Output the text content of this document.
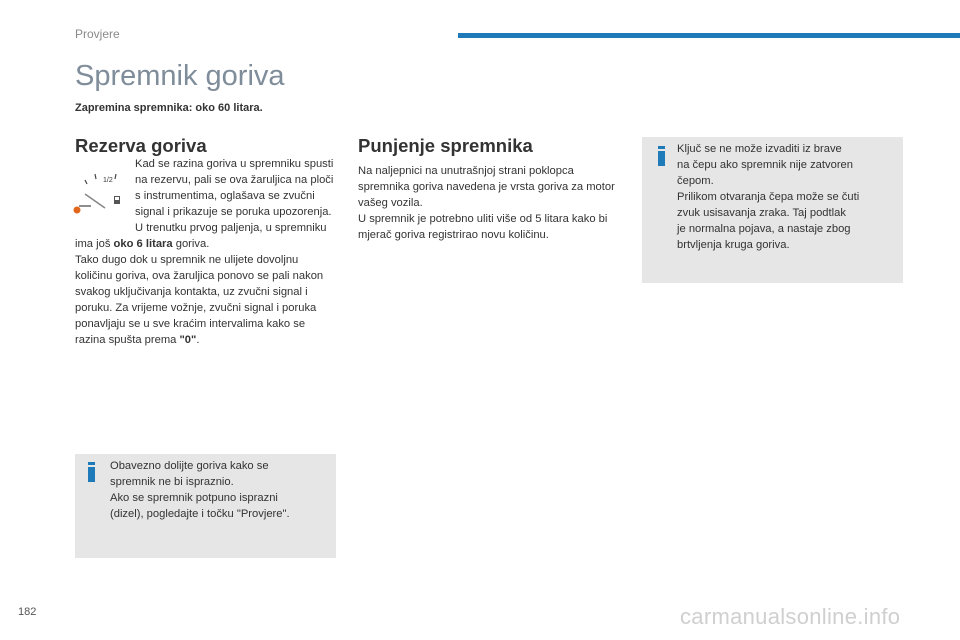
Provjere
Spremnik goriva
Zapremina spremnika: oko 60 litara.
Rezerva goriva
1/2
Kad se razina goriva u spremniku spusti na rezervu, pali se ova žaruljica na ploči s instrumentima, oglašava se zvučni signal i prikazuje se poruka upozorenja. U trenutku prvog paljenja, u spremniku ima još oko 6 litara goriva.
Tako dugo dok u spremnik ne ulijete dovoljnu količinu goriva, ova žaruljica ponovo se pali nakon svakog uključivanja kontakta, uz zvučni signal i poruku. Za vrijeme vožnje, zvučni signal i poruka ponavljaju se u sve kraćim intervalima kako se razina spušta prema "0".
Punjenje spremnika
Na naljepnici na unutrašnjoj strani poklopca spremnika goriva navedena je vrsta goriva za motor vašeg vozila.
U spremnik je potrebno uliti više od 5 litara kako bi mjerač goriva registrirao novu količinu.
Ključ se ne može izvaditi iz brave
na čepu ako spremnik nije zatvoren
čepom.
Prilikom otvaranja čepa može se čuti
zvuk usisavanja zraka. Taj podtlak
je normalna pojava, a nastaje zbog
brtvljenja kruga goriva.
Obavezno dolijte goriva kako se
spremnik ne bi ispraznio.
Ako se spremnik potpuno isprazni
(dizel), pogledajte i točku "Provjere".
182	carmanualsonline.info
